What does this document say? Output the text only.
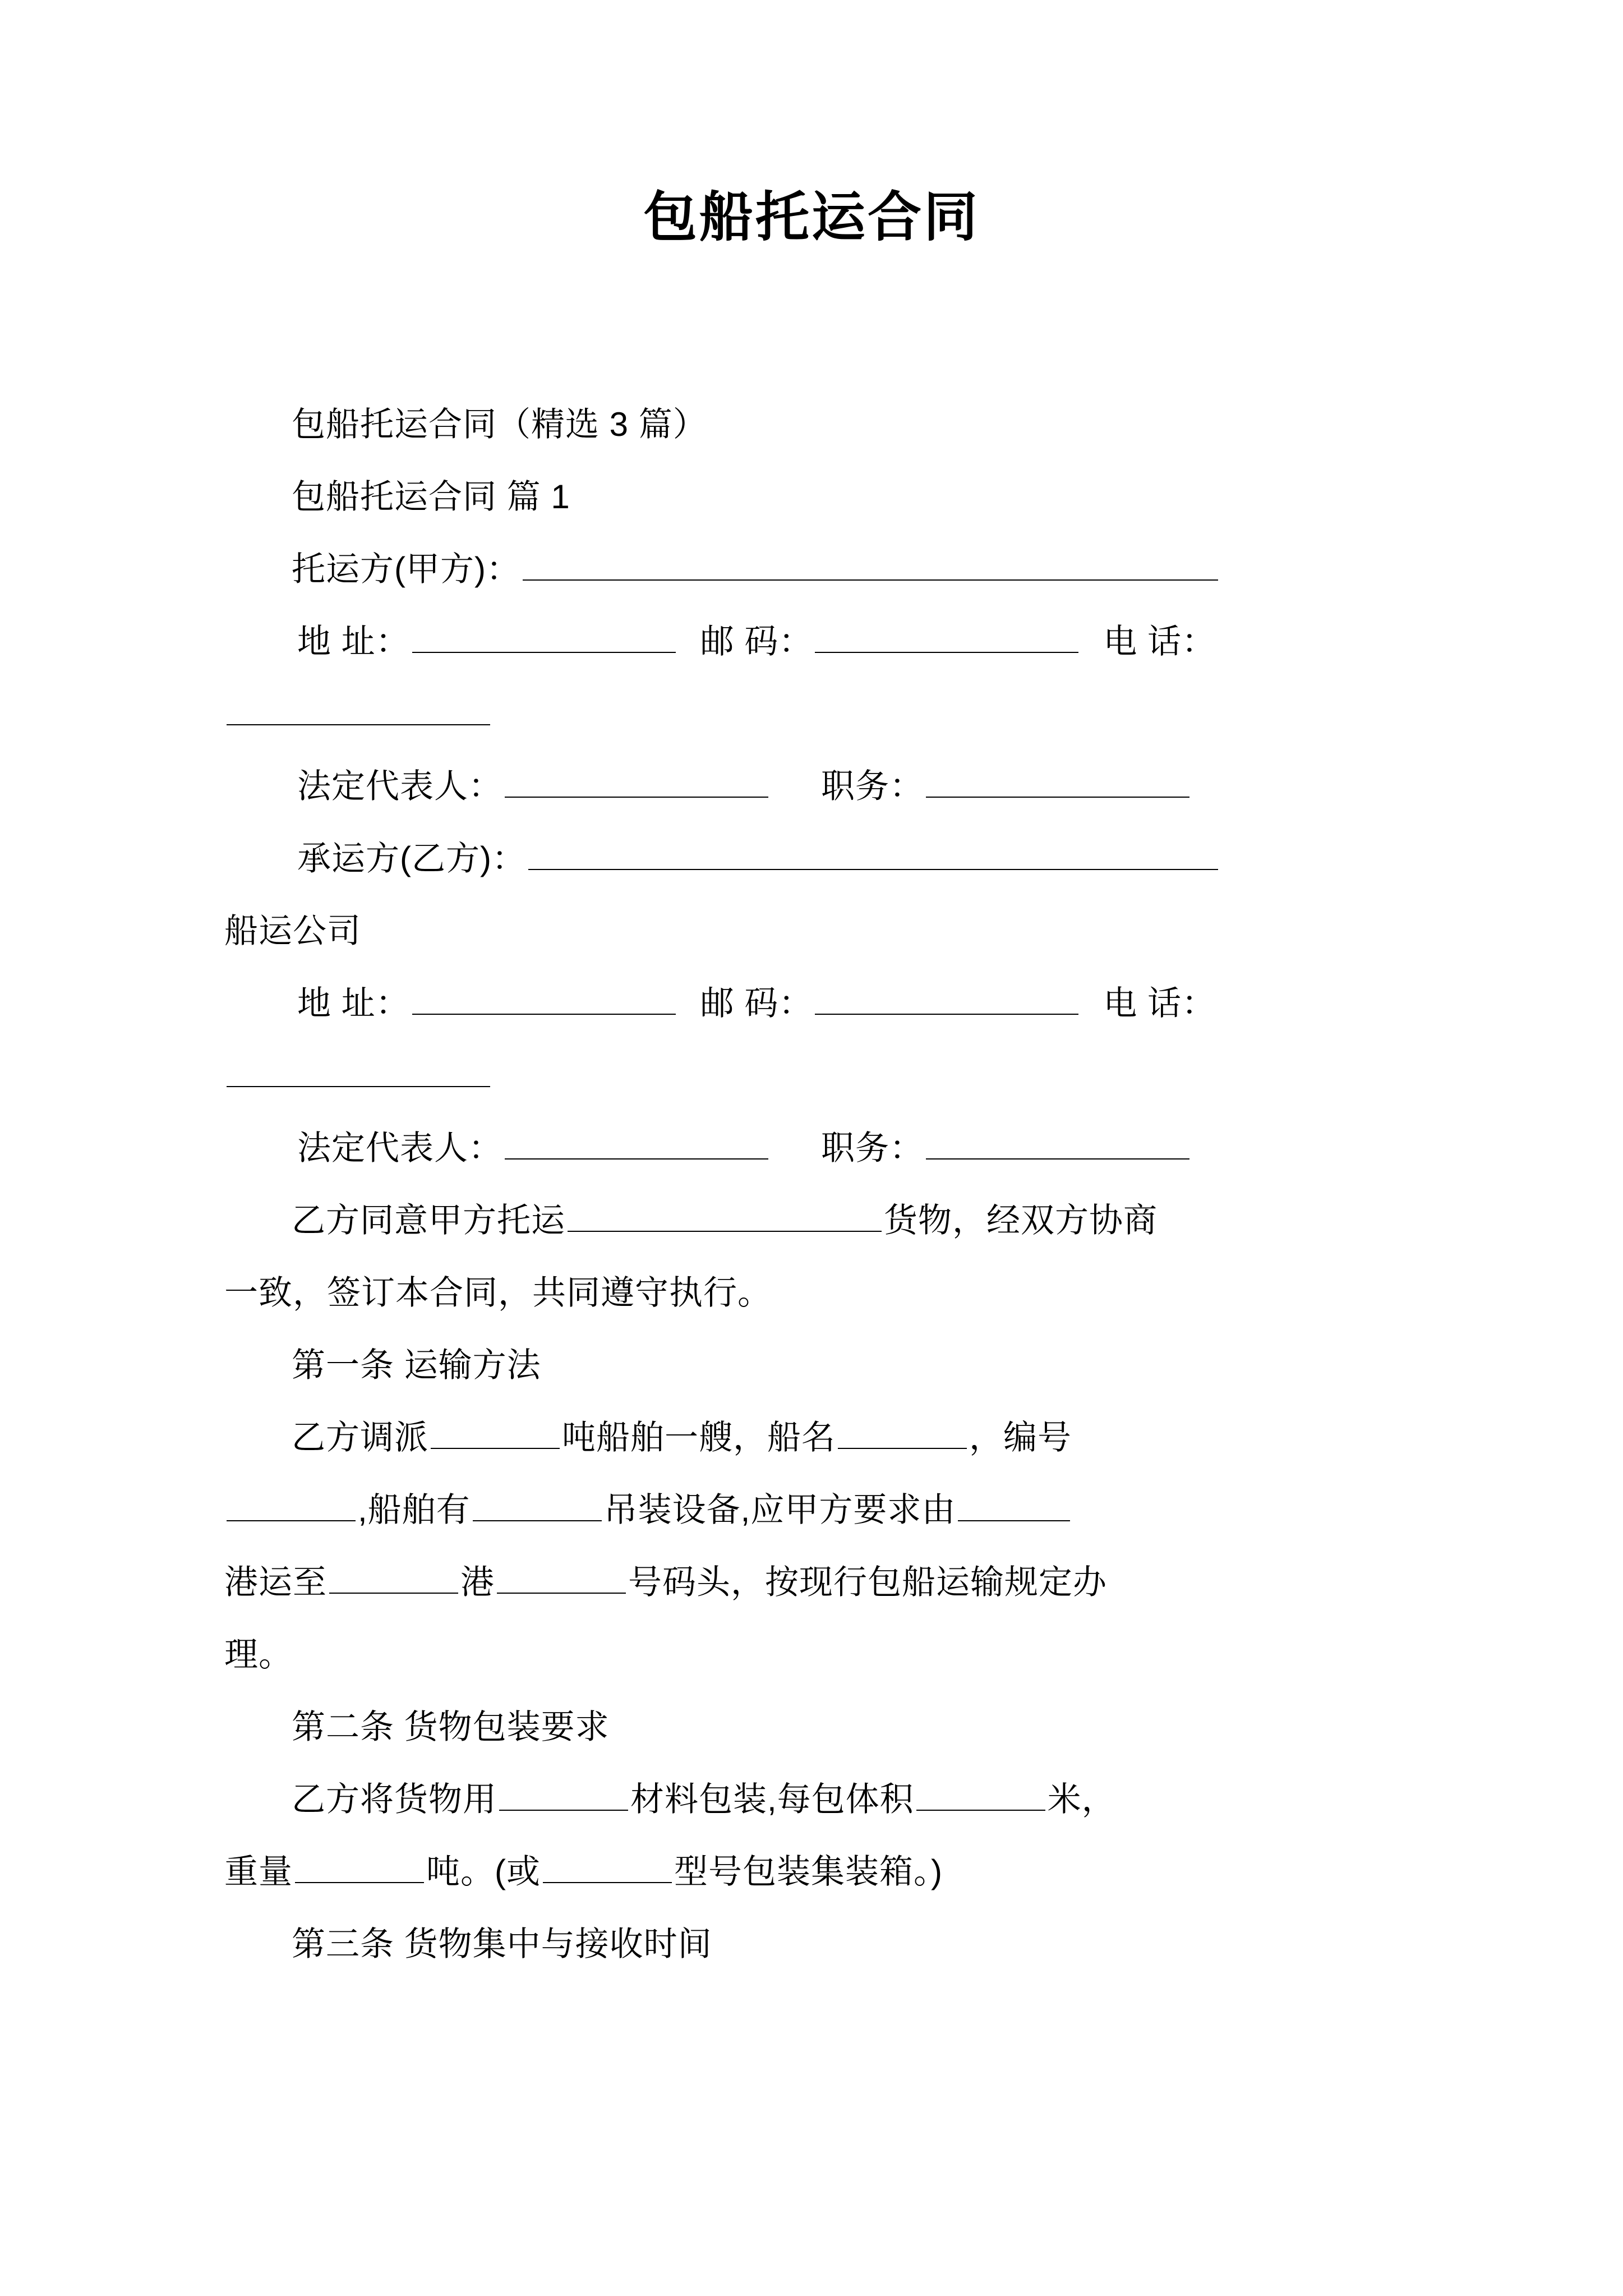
包船托运合同

包船托运合同（精选 3 篇）

包船托运合同 篇 1

托运方(甲方)：

地 址：	邮 码：	电 话：

法定代表人：	职务：

承运方(乙方)：

船运公司

地 址：	邮 码：	电 话：

法定代表人：	职务：

乙方同意甲方托运	货物，经双方协商

一致，签订本合同，共同遵守执行。

第一条 运输方法

乙方调派	吨船舶一艘，船名	，编号

,船舶有	吊装设备,应甲方要求由

港运至	港	号码头，按现行包船运输规定办

理。

第二条 货物包装要求

乙方将货物用	材料包装,每包体积	米，

重量	吨。(或	型号包装集装箱。)

第三条 货物集中与接收时间
